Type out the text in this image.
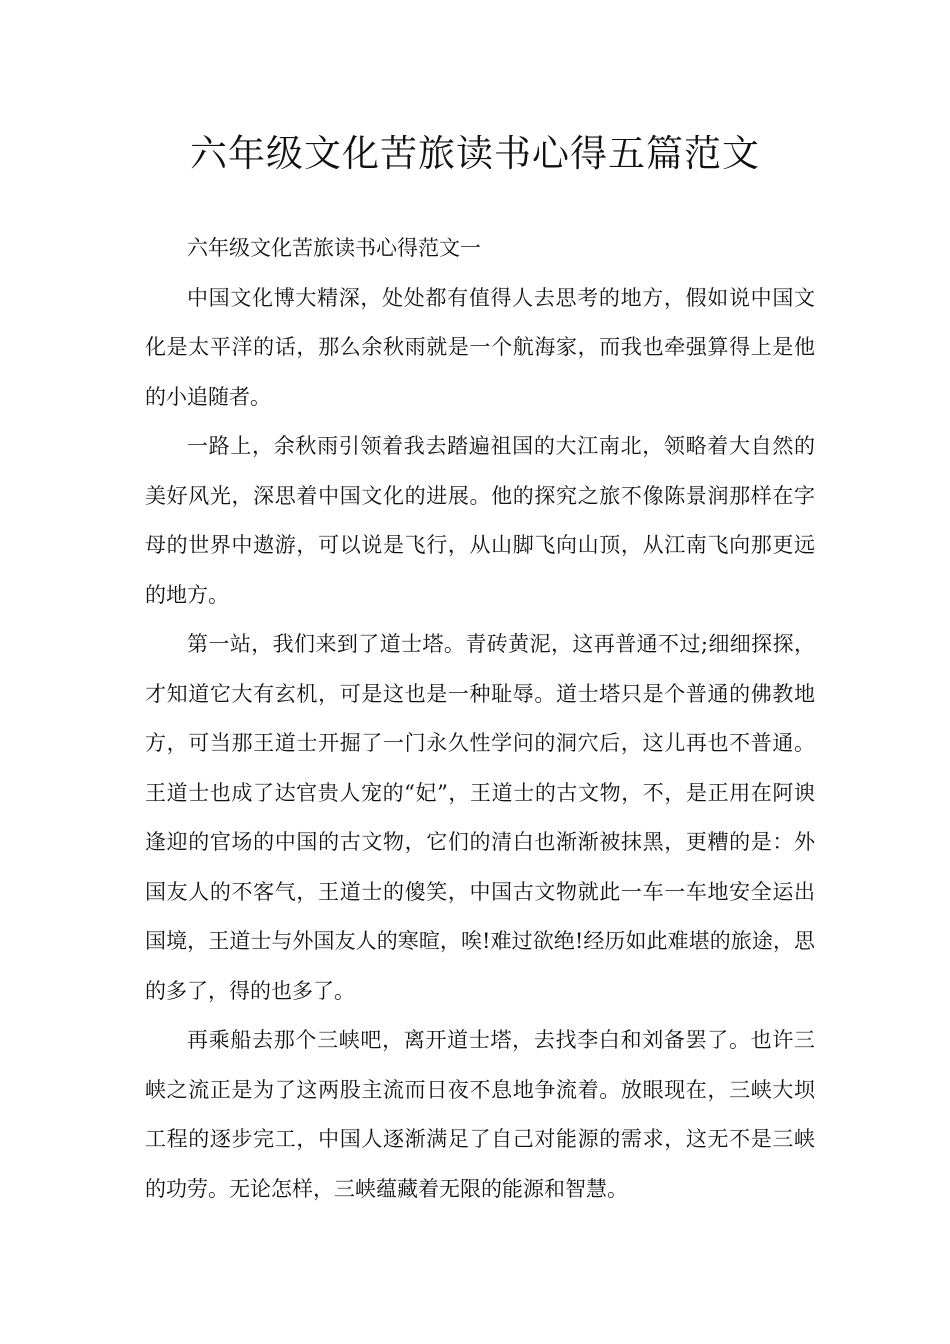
六年级文化苦旅读书心得五篇范文

六年级文化苦旅读书心得范文一

中国文化博大精深，处处都有值得人去思考的地方，假如说中国文化是太平洋的话，那么余秋雨就是一个航海家，而我也牵强算得上是他的小追随者。

一路上，余秋雨引领着我去踏遍祖国的大江南北，领略着大自然的美好风光，深思着中国文化的进展。他的探究之旅不像陈景润那样在字母的世界中遨游，可以说是飞行，从山脚飞向山顶，从江南飞向那更远的地方。

第一站，我们来到了道士塔。青砖黄泥，这再普通不过;细细探探，才知道它大有玄机，可是这也是一种耻辱。道士塔只是个普通的佛教地方，可当那王道士开掘了一门永久性学问的洞穴后，这儿再也不普通。王道士也成了达官贵人宠的“妃”，王道士的古文物，不，是正用在阿谀逢迎的官场的中国的古文物，它们的清白也渐渐被抹黑，更糟的是：外国友人的不客气，王道士的傻笑，中国古文物就此一车一车地安全运出国境，王道士与外国友人的寒暄，唉!难过欲绝!经历如此难堪的旅途，思的多了，得的也多了。

再乘船去那个三峡吧，离开道士塔，去找李白和刘备罢了。也许三峡之流正是为了这两股主流而日夜不息地争流着。放眼现在，三峡大坝工程的逐步完工，中国人逐渐满足了自己对能源的需求，这无不是三峡的功劳。无论怎样，三峡蕴藏着无限的能源和智慧。
